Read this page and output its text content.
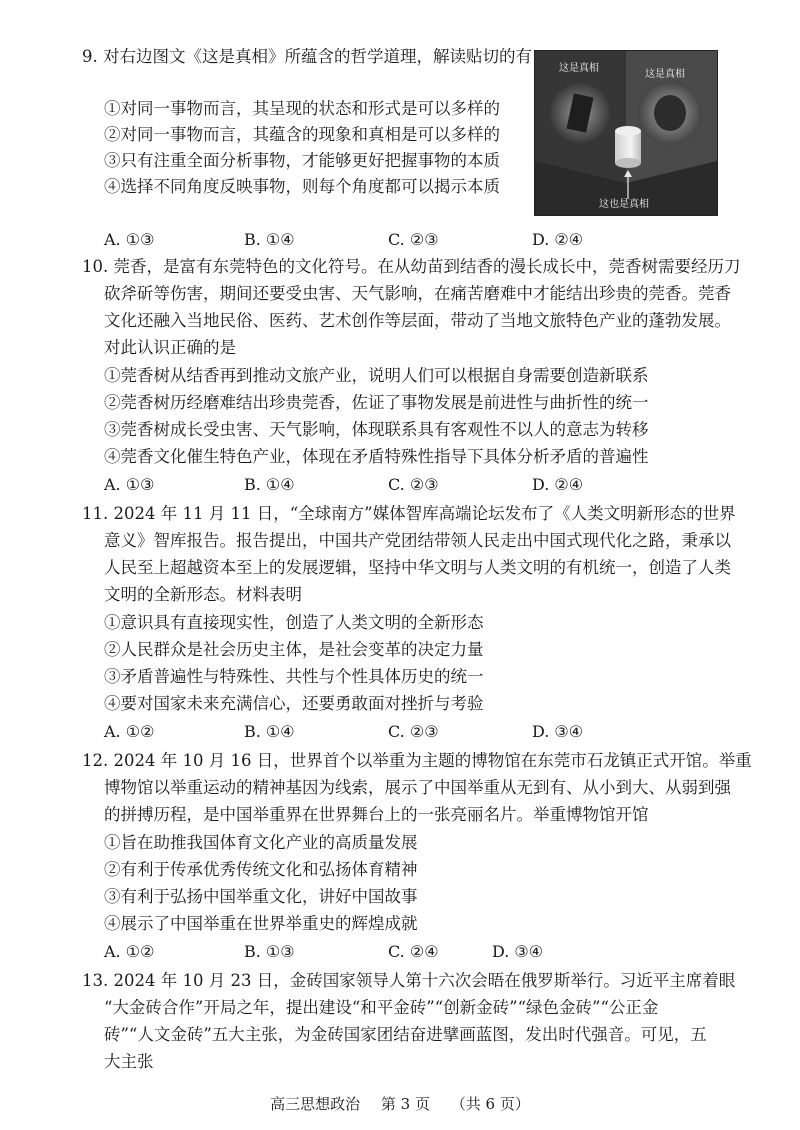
9. 对右边图文《这是真相》所蕴含的哲学道理，解读贴切的有
①对同一事物而言，其呈现的状态和形式是可以多样的
②对同一事物而言，其蕴含的现象和真相是可以多样的
③只有注重全面分析事物，才能够更好把握事物的本质
④选择不同角度反映事物，则每个角度都可以揭示本质
这是真相
这是真相
这也是真相
A. ①③	B. ①④	C. ②③	D. ②④
10. 莞香，是富有东莞特色的文化符号。在从幼苗到结香的漫长成长中，莞香树需要经历刀
砍斧斫等伤害，期间还要受虫害、天气影响，在痛苦磨难中才能结出珍贵的莞香。莞香
文化还融入当地民俗、医药、艺术创作等层面，带动了当地文旅特色产业的蓬勃发展。
对此认识正确的是
①莞香树从结香再到推动文旅产业，说明人们可以根据自身需要创造新联系
②莞香树历经磨难结出珍贵莞香，佐证了事物发展是前进性与曲折性的统一
③莞香树成长受虫害、天气影响，体现联系具有客观性不以人的意志为转移
④莞香文化催生特色产业，体现在矛盾特殊性指导下具体分析矛盾的普遍性
A. ①③	B. ①④	C. ②③	D. ②④
11. 2024 年 11 月 11 日，“全球南方”媒体智库高端论坛发布了《人类文明新形态的世界
意义》智库报告。报告提出，中国共产党团结带领人民走出中国式现代化之路，秉承以
人民至上超越资本至上的发展逻辑，坚持中华文明与人类文明的有机统一，创造了人类
文明的全新形态。材料表明
①意识具有直接现实性，创造了人类文明的全新形态
②人民群众是社会历史主体，是社会变革的决定力量
③矛盾普遍性与特殊性、共性与个性具体历史的统一
④要对国家未来充满信心，还要勇敢面对挫折与考验
A. ①②	B. ①④	C. ②③	D. ③④
12. 2024 年 10 月 16 日，世界首个以举重为主题的博物馆在东莞市石龙镇正式开馆。举重
博物馆以举重运动的精神基因为线索，展示了中国举重从无到有、从小到大、从弱到强
的拼搏历程，是中国举重界在世界舞台上的一张亮丽名片。举重博物馆开馆
①旨在助推我国体育文化产业的高质量发展
②有利于传承优秀传统文化和弘扬体育精神
③有利于弘扬中国举重文化，讲好中国故事
④展示了中国举重在世界举重史的辉煌成就
A. ①②	B. ①③	C. ②④	D. ③④
13. 2024 年 10 月 23 日，金砖国家领导人第十六次会晤在俄罗斯举行。习近平主席着眼
“大金砖合作”开局之年，提出建设“和平金砖”“创新金砖”“绿色金砖”“公正金
砖”“人文金砖”五大主张，为金砖国家团结奋进擘画蓝图，发出时代强音。可见，五
大主张
高三思想政治 第 3 页 （共 6 页）
